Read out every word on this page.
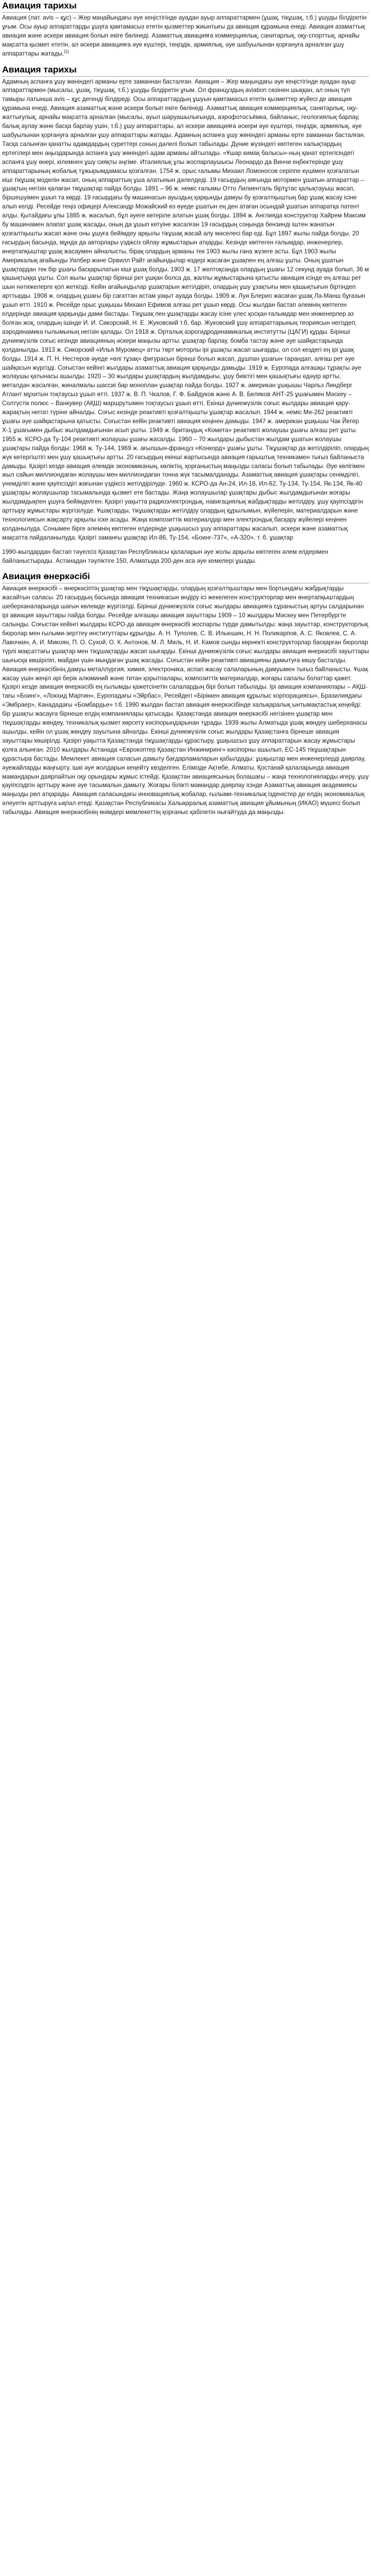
Авиация тарихы

Авиация (лат. avis – құс) – Жер маңайындағы әуе кеңістігінде ауадан ауыр аппараттармен (ұшақ, тікұшақ, т.б.) ұшуды білдіретін ұғым. Осы ауыр аппараттарды ұшуға қамтамасыз ететін қызметтер жиынтығы да авиация құрамына енеді. Авиация азаматтық авиация және әскери авиация болып екіге бөлінеді. Азаматтық авиацияға коммерциялық, санитарлық, оқу-спорттық, арнайы мақсатта қызмет ететін, ал әскери авиацияға әуе күштері, теңіздік, армиялық, әуе шабуылынан қорғануға арналған ұшу аппараттары жатады.[1]

Авиация тарихы

Адамның аспанға ұшу жөніндегі арманы ерте заманнан басталған. Авиация – Жер маңындағы әуе кеңістігінде ауадан ауыр аппараттармен (мысалы, ұшақ, тікұшақ, т.б.) ұшуды білдіретін ұғым. Ол француздың aviation сөзінен шыққан, ал оның түп тамыры латынша avis – құс дегенді білдіреді. Осы аппараттардың ұшуын қамтамасыз ететін қызметтер жүйесі де авиация құрамына енеді. Авиация азаматтық және әскери болып екіге бөлінеді. Азаматтық авиация коммерциялық, санитарлық, оқу-жаттығулық, арнайы мақсатта арналған (мысалы, ауыл шаруашылығында, аэрофотосъёмка, байланыс, геологиялық барлау, балық аулау және басқа барлау ушін, т.б.) ұшу аппараттары, ал әскери авиацияға әскери әуе күштері, теңіздік, армиялық, әуе шабуылынан қорғануға арналған ұшу аппараттары жатады. Адамның аспанға ұшу жөніндегі арманы ерте заманнан басталған. Тасқа салынған қанатты адамдардың суреттері соның дәлелі болып табылады. Дүние жүзіндегі көптеген халықтардың ертегілері мен аңыздарында аспанға ұшу жөніндегі адам арманы айтылады. «Ұшар кимақ балысы»-ның қанат ертегісіндегі аспанға ұшу өнері, кілемнен ұшу сияқты әңгіме. Италиялық ұлы жоспарлаушысы Леонардо да Винчи еңбектерінде ұшу аппараттарының жобалық тұжырымдамасы қозғалған. 1754 ж. орыс ғалымы Михаил Ломоносов серіппе күшімен қозғалатын кіші тікұшақ моделін жасап, оның аппараттың ұша алатынын дәлелдеді. 19 ғасырдың аяғында мотормен ұшатын аппараттар – ұшақтың негізін қалаған тікұшақтар пайда болды. 1891 – 96 ж. неміс ғалымы Отто Лилиенталь біртұтас қалықтауыш жасап, біршешуімен ұшып та көрді. 19 ғасырдағы бу машинасын ауыздың қарқынды дамуы бу қозғалтқыштың бар ұшақ жасау ісіне алып келді. Ресейде теңіз офицері Александр Можайский өз өуеде ұшатын ең ден атаған осындай ұшатын аппаратқа патент алды. Қытайдағы ұлы 1885 ж. жасалып, бұл әуеге көтеріле алатын ұшақ болды. 1894 ж. Англияда конструктор Хайрем Максим бу машинамен алапат ұшақ жасады, оның да ұшып кетуіне жасалған 19 ғасырдың соңында бензинді іштен жанатын қозғалтқышты жасап және оны ұшуға бейімдеу арқылы тікұшақ жасай алу мәселесі бар еді. Бұл 1897 жылы пайда болды. 20 ғасырдың басында, мұнда да авторлары үздіксіз ойлау жұмыстарын атқарды. Кезінде көптеген ғалымдар, инженерлер, өнертапқыштар ұшақ жасаумен айналысты, бірақ олардың арманы тек 1903 жылы ғана жүзеге асты. Бұл 1903 жылы Америкалық ағайынды Уилбер және Орвилл Райт ағайындылар өздері жасаған ұшақпен ең алғаш ұшты. Оның ұшатын ұшақтардан тек бір ұшағы басқарылатын кіші ұшақ болды. 1903 ж. 17 желтоқсанда олардың ұшағы 12 секунд ауада болып, 36 м қашықтыққа ұшты. Сол жылы ұшақтар бірінші рет ұшқан болса да, жалпы жұмыстарына қатысты авиация ісінде ең алғаш рет шын нәтижелерге қол жеткізді. Кейін ағайындылар ұшақтарын жетілдіріп, олардың ұшу ұзақтығы мен қашықтығын біртіндеп арттырды. 1908 ж. олардың ұшағы бір сағаттан астам уақыт ауада болды. 1909 ж. Луи Блерио жасаған ұшақ Ла-Манш бұғазын ұшып өтті. 1910 ж. Ресейде орыс ұшқышы Михаил Ефимов алғаш рет ұшып көрді. Осы жылдан бастап әлемнің көптеген елдерінде авиация қарқынды дами бастады. Тікұшақ пен ұшақтарды жасау ісіне үлес қосқан ғалымдар мен инженерлер аз болған жоқ, олардың ішінде И. И. Сикорский, Н. Е. Жуковский т.б. бар. Жуковский ұшу аппараттарының теориясын негіздеп, аэродинамика ғылымының негізін қалады. Ол 1918 ж. Орталық аэрогидродинамикалық институтты (ЦАГИ) құрды. Бірінші дүниежүзілік соғыс кезінде авиацияның әскери маңызы артты: ұшақтар барлау, бомба тастау және әуе шайқастарында қолданылды. 1913 ж. Сикорский «Илья Муромец» атты төрт моторлы ірі ұшақты жасап шығарды, ол сол кездегі ең ірі ұшақ болды. 1914 ж. П. Н. Нестеров әуеде «өлі тұзақ» фигурасын бірінші болып жасап, дұшпан ұшағын тарандап, алғаш рет әуе шайқасын жүргізді. Соғыстан кейінгі жылдары азаматтық авиация қарқынды дамыды. 1919 ж. Еуропада алғашқы тұрақты әуе жолаушы қатынасы ашылды. 1920 – 30 жылдары ұшақтардың жылдамдығы, ұшу биіктігі мен қашықтығы едәуір артты, металдан жасалған, жиналмалы шассиі бар моноплан ұшақтар пайда болды. 1927 ж. американ ұшқышы Чарльз Линдберг Атлант мұхитын тоқтаусыз ұшып өтті. 1937 ж. В. П. Чкалов, Г. Ф. Байдуков және А. В. Беляков АНТ-25 ұшағымен Мәскеу – Солтүстік полюс – Ванкувер (АҚШ) маршрутымен тоқтаусыз ұшып өтті. Екінші дүниежүзілік соғыс жылдары авиация қару-жарақтың негізгі түріне айналды. Соғыс кезінде реактивті қозғалтқышты ұшақтар жасалып, 1944 ж. неміс Ме-262 реактивті ұшағы әуе шайқастарына қатысты. Соғыстан кейін реактивті авиация кеңінен дамыды. 1947 ж. американ ұшқышы Чак Йегер Х-1 ұшағымен дыбыс жылдамдығынан асып ұшты. 1949 ж. британдық «Комета» реактивті жолаушы ұшағы алғаш рет ұшты. 1955 ж. КСРО-да Ту-104 реактивті жолаушы ұшағы жасалды. 1960 – 70 жылдары дыбыстан жылдам ұшатын жолаушы ұшақтары пайда болды: 1968 ж. Ту-144, 1969 ж. ағылшын-француз «Конкорд» ұшағы ұшты. Тікұшақтар да жетілдіріліп, олардың жүк көтергіштігі мен ұшу қашықтығы артты. 20 ғасырдың екінші жартысында авиация ғарыштық техникамен тығыз байланыста дамыды. Қазіргі кезде авиация әлемдік экономиканың, көліктің, қорғаныстың маңызды саласы болып табылады. Әуе көлігімен жыл сайын миллиондаған жолаушы мен миллиондаған тонна жүк тасымалданады. Азаматтық авиация ұшақтары сенімділігі, үнемділігі және қауіпсіздігі жағынан үздіксіз жетілдірілуде. 1960 ж. КСРО-да Ан-24, Ил-18, Ил-62, Ту-134, Ту-154, Як-134, Як-40 ұшақтары жолаушылар тасымалында қызмет ете бастады. Жаңа жолаушылар ұшақтары дыбыс жылдамдығынан жоғары жылдамдықпен ұшуға бейімделген. Қазіргі уақытта радиоэлектрондық, навигациялық жабдықтарды жетілдіру, ұшу қауіпсіздігін арттыру жұмыстары жүргізілуде. Ұшақтарды, тікұшақтарды жетілдіру олардың құрылымын, жүйелерін, материалдарын және технологиясын жақсарту арқылы іске асады. Жаңа композиттік материалдар мен электрондық басқару жүйелері кеңінен қолданылуда. Сонымен бірге әлемнің көптеген елдерінде ұшқышсыз ұшу аппараттары жасалып, әскери және азаматтық мақсатта пайдаланылуда. Қазіргі заманғы ұшақтар Ил-86, Ту-154, «Боинг-737», «A-320», т. б. ұшақтар

1990-жылдардан бастап тәуелсіз Қазақстан Республикасы қалаларын әуе жолы арқылы көптеген әлем елдерімен байланыстырады. Астанадан тәуліктіге 150, Алматыда 200-ден аса әуе кемелері ұшады.

Авиация өнеркәсібі

Авиация өнеркәсібі – өнеркәсіптің ұшақтар мен тікұшақтарды, олардың қозғалтқыштары мен бортындағы жабдықтарды жасайтын саласы. 20 ғасырдың басында авиация техникасын өндіру ісі жекелеген конструкторлар мен өнертапқыштардың шеберханаларында шағын көлемде жүргізілді. Бірінші дүниежүзілік соғыс жылдары авиацияға сұраныстың артуы салдарынан ірі авиация зауыттары пайда болды. Ресейде алғашқы авиация зауыттары 1909 – 10 жылдары Мәскеу мен Петербургте салынды. Соғыстан кейінгі жылдары КСРО-да авиация өнеркәсібі жоспарлы түрде дамытылды: жаңа зауыттар, конструкторлық бюролар мен ғылыми-зерттеу институттары құрылды. А. Н. Туполев, С. В. Ильюшин, Н. Н. Поликарпов, А. С. Яковлев, С. А. Лавочкин, А. И. Микоян, П. О. Сухой, О. К. Антонов, М. Л. Миль, Н. И. Камов сынды көрнекті конструкторлар басқарған бюролар түрлі мақсаттағы ұшақтар мен тікұшақтарды жасап шығарды. Екінші дүниежүзілік соғыс жылдары авиация өнеркәсібі зауыттары шығысқа көшіріліп, майдан үшін мыңдаған ұшақ жасады. Соғыстан кейін реактивті авиацияны дамытуға көшу басталды. Авиация өнеркәсібінің дамуы металлургия, химия, электроника, аспап жасау салаларының дамуымен тығыз байланысты. Ұшақ жасау үшін жеңіл әрі берік алюминий және титан қорытпалары, композиттік материалдар, жоғары сапалы болаттар қажет. Қазіргі кезде авиация өнеркәсібі ең ғылымды қажетсінетін салалардың бірі болып табылады. Ірі авиация компаниялары – АҚШ-тағы «Боинг», «Локхид Мартин», Еуропадағы «Эйрбас», Ресейдегі «Біріккен авиация құрылыс корпорациясы», Бразилиядағы «Эмбраер», Канададағы «Бомбардье» т.б. 1990 жылдан бастап авиация өнеркәсібінде халықаралық ынтымақтастық кеңейді: бір ұшақты жасауға бірнеше елдің компаниялары қатысады. Қазақстанда авиация өнеркәсібі негізінен ұшақтар мен тікұшақтарды жөндеу, техникалық қызмет көрсету кәсіпорындарынан тұрады. 1939 жылы Алматыда ұшақ жөндеу шеберханасы ашылды, кейін ол ұшақ жөндеу зауытына айналды. Екінші дүниежүзілік соғыс жылдары Қазақстанға бірнеше авиация зауыттары көшірілді. Қазіргі уақытта Қазақстанда тікұшақтарды құрастыру, ұшқышсыз ұшу аппараттарын жасау жұмыстары қолға алынған. 2010 жылдары Астанада «Еврокоптер Қазақстан Инжиниринг» кәсіпорны ашылып, ЕС-145 тікұшақтарын құрастыра бастады. Мемлекет авиация саласын дамыту бағдарламаларын қабылдады: ұшқыштар мен инженерлерді даярлау, әуежайларды жаңғырту, ішкі әуе жолдарын кеңейту көзделген. Елімізде Ақтөбе, Алматы, Қостанай қалаларында авиация мамандарын даярлайтын оқу орындары жұмыс істейді. Қазақстан авиациясының болашағы – жаңа технологияларды игеру, ұшу қауіпсіздігін арттыру және әуе тасымалын дамыту. Жоғары білікті мамандар даярлау ісінде Азаматтық авиация академиясы маңызды рөл атқарады. Авиация саласындағы инновациялық жобалар, ғылыми-техникалық ізденістер де елдің экономикалық әлеуетін арттыруға ықпал етеді. Қазақстан Республикасы Халықаралық азаматтық авиация ұйымының (ИКАО) мүшесі болып табылады. Авиация өнеркәсібінің өнімдері мемлекеттің қорғаныс қабілетін нығайтуда да маңызды.
